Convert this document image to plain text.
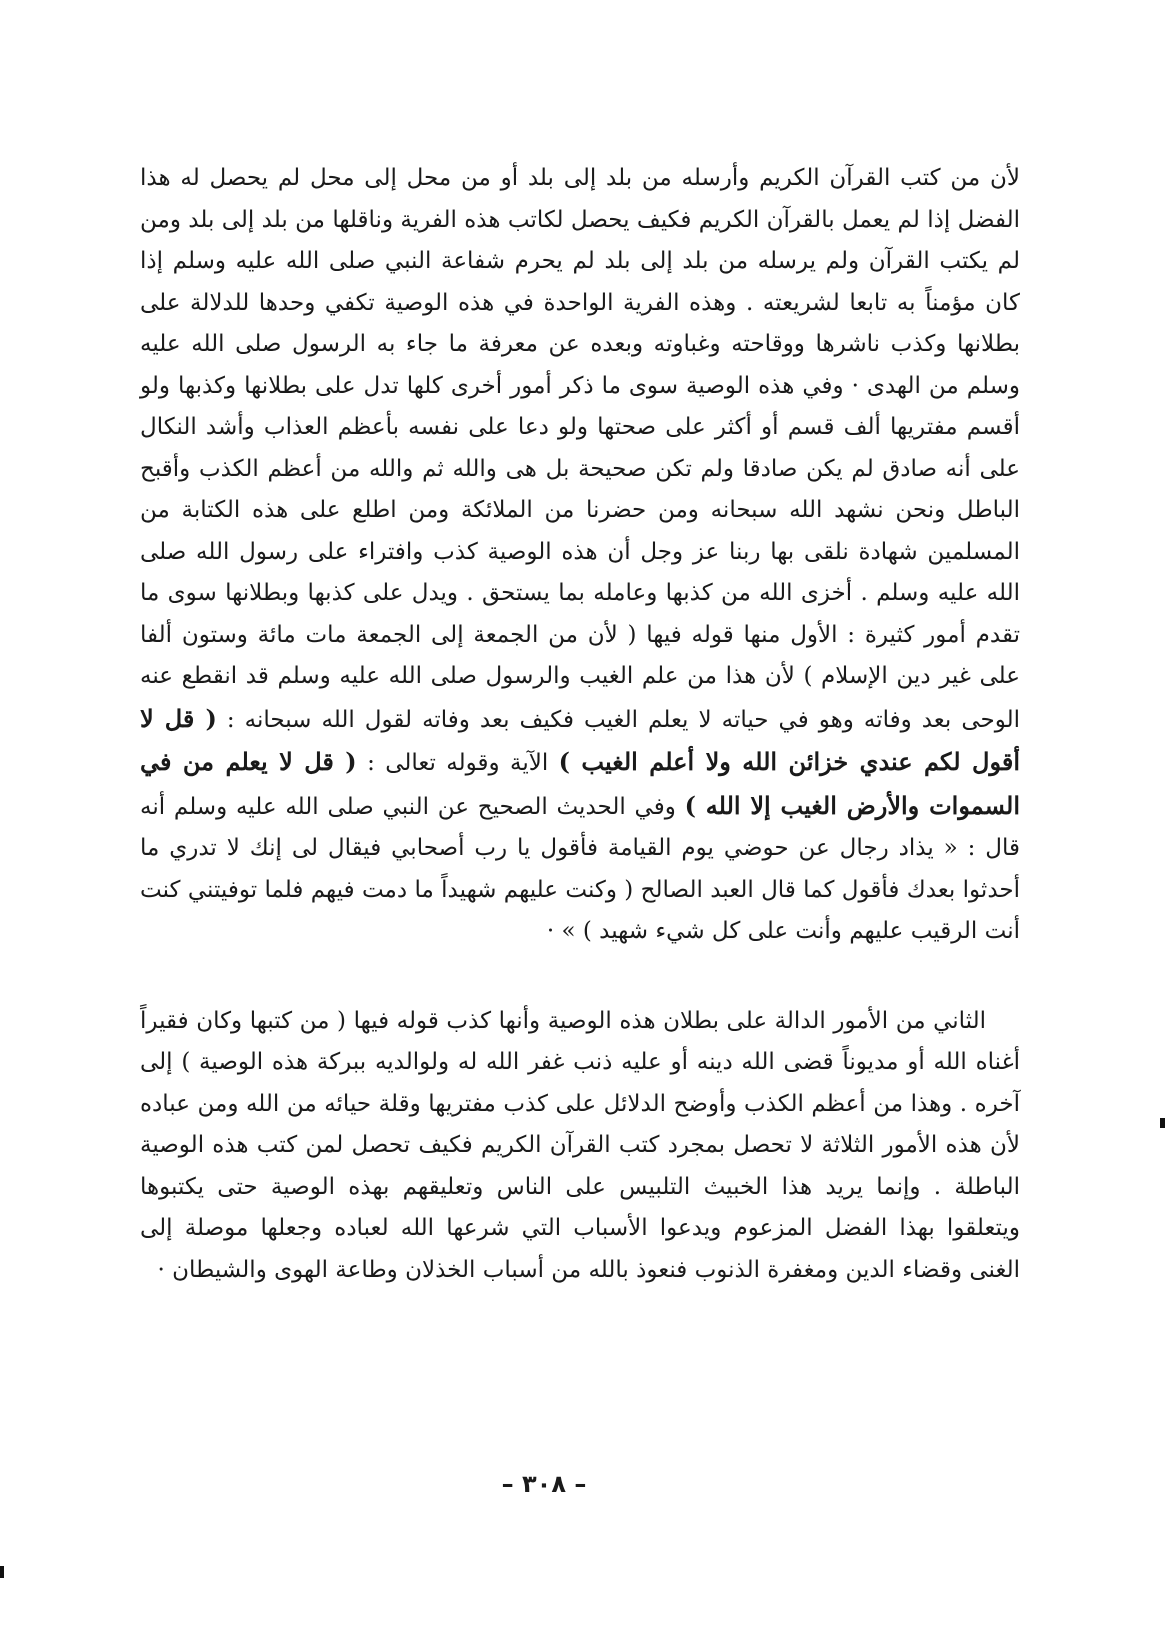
لأن من كتب القرآن الكريم وأرسله من بلد إلى بلد أو من محل إلى محل لم يحصل له هذا الفضل إذا لم يعمل بالقرآن الكريم فكيف يحصل لكاتب هذه الفرية وناقلها من بلد إلى بلد ومن لم يكتب القرآن ولم يرسله من بلد إلى بلد لم يحرم شفاعة النبي صلى الله عليه وسلم إذا كان مؤمناً به تابعا لشريعته . وهذه الفرية الواحدة في هذه الوصية تكفي وحدها للدلالة على بطلانها وكذب ناشرها ووقاحته وغباوته وبعده عن معرفة ما جاء به الرسول صلى الله عليه وسلم من الهدى · وفي هذه الوصية سوى ما ذكر أمور أخرى كلها تدل على بطلانها وكذبها ولو أقسم مفتريها ألف قسم أو أكثر على صحتها ولو دعا على نفسه بأعظم العذاب وأشد النكال على أنه صادق لم يكن صادقا ولم تكن صحيحة بل هى والله ثم والله من أعظم الكذب وأقبح الباطل ونحن نشهد الله سبحانه ومن حضرنا من الملائكة ومن اطلع على هذه الكتابة من المسلمين شهادة نلقى بها ربنا عز وجل أن هذه الوصية كذب وافتراء على رسول الله صلى الله عليه وسلم . أخزى الله من كذبها وعامله بما يستحق . ويدل على كذبها وبطلانها سوى ما تقدم أمور كثيرة : الأول منها قوله فيها ( لأن من الجمعة إلى الجمعة مات مائة وستون ألفا على غير دين الإسلام ) لأن هذا من علم الغيب والرسول صلى الله عليه وسلم قد انقطع عنه الوحى بعد وفاته وهو في حياته لا يعلم الغيب فكيف بعد وفاته لقول الله سبحانه : ( قل لا أقول لكم عندي خزائن الله ولا أعلم الغيب ) الآية وقوله تعالى : ( قل لا يعلم من في السموات والأرض الغيب إلا الله ) وفي الحديث الصحيح عن النبي صلى الله عليه وسلم أنه قال : « يذاد رجال عن حوضي يوم القيامة فأقول يا رب أصحابي فيقال لى إنك لا تدري ما أحدثوا بعدك فأقول كما قال العبد الصالح ( وكنت عليهم شهيداً ما دمت فيهم فلما توفيتني كنت أنت الرقيب عليهم وأنت على كل شيء شهيد ) » ·

الثاني من الأمور الدالة على بطلان هذه الوصية وأنها كذب قوله فيها ( من كتبها وكان فقيراً أغناه الله أو مديوناً قضى الله دينه أو عليه ذنب غفر الله له ولوالديه ببركة هذه الوصية ) إلى آخره . وهذا من أعظم الكذب وأوضح الدلائل على كذب مفتريها وقلة حيائه من الله ومن عباده لأن هذه الأمور الثلاثة لا تحصل بمجرد كتب القرآن الكريم فكيف تحصل لمن كتب هذه الوصية الباطلة . وإنما يريد هذا الخبيث التلبيس على الناس وتعليقهم بهذه الوصية حتى يكتبوها ويتعلقوا بهذا الفضل المزعوم ويدعوا الأسباب التي شرعها الله لعباده وجعلها موصلة إلى الغنى وقضاء الدين ومغفرة الذنوب فنعوذ بالله من أسباب الخذلان وطاعة الهوى والشيطان ·

– ٣٠٨ –
